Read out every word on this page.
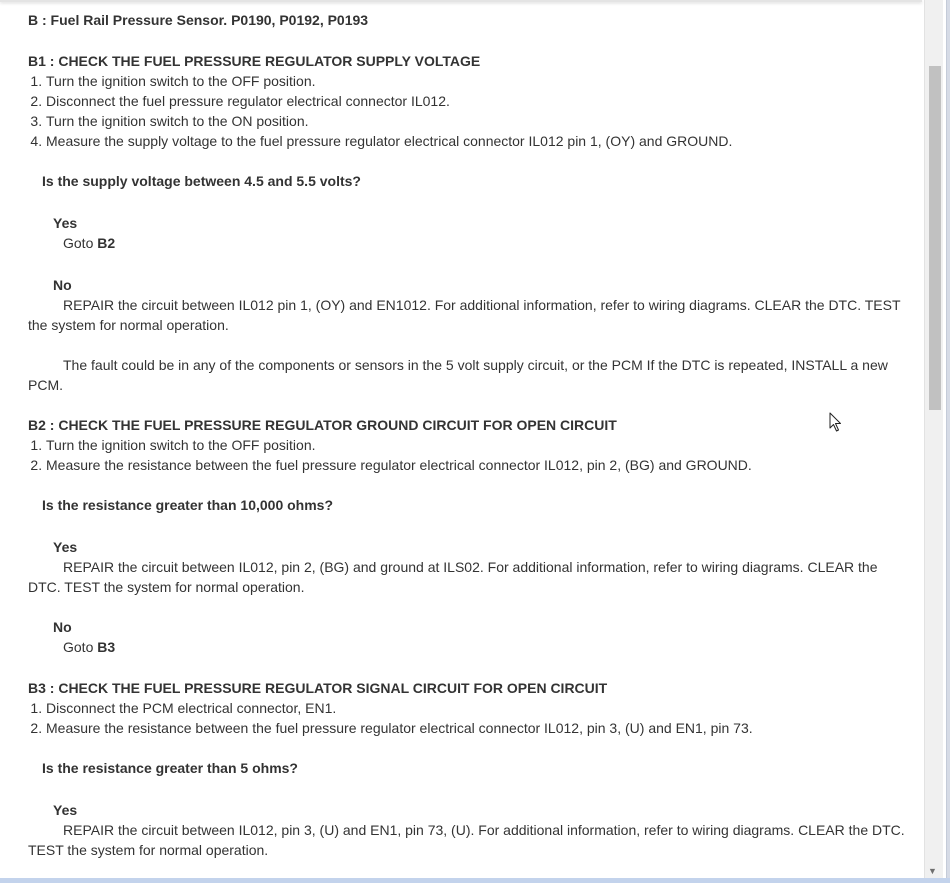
B : Fuel Rail Pressure Sensor. P0190, P0192, P0193
B1 : CHECK THE FUEL PRESSURE REGULATOR SUPPLY VOLTAGE
1. Turn the ignition switch to the OFF position.
2. Disconnect the fuel pressure regulator electrical connector IL012.
3. Turn the ignition switch to the ON position.
4. Measure the supply voltage to the fuel pressure regulator electrical connector IL012 pin 1, (OY) and GROUND.
Is the supply voltage between 4.5 and 5.5 volts?
Yes
Goto B2
No
REPAIR the circuit between IL012 pin 1, (OY) and EN1012. For additional information, refer to wiring diagrams. CLEAR the DTC. TEST the system for normal operation.
The fault could be in any of the components or sensors in the 5 volt supply circuit, or the PCM If the DTC is repeated, INSTALL a new PCM.
B2 : CHECK THE FUEL PRESSURE REGULATOR GROUND CIRCUIT FOR OPEN CIRCUIT
1. Turn the ignition switch to the OFF position.
2. Measure the resistance between the fuel pressure regulator electrical connector IL012, pin 2, (BG) and GROUND.
Is the resistance greater than 10,000 ohms?
Yes
REPAIR the circuit between IL012, pin 2, (BG) and ground at ILS02. For additional information, refer to wiring diagrams. CLEAR the DTC. TEST the system for normal operation.
No
Goto B3
B3 : CHECK THE FUEL PRESSURE REGULATOR SIGNAL CIRCUIT FOR OPEN CIRCUIT
1. Disconnect the PCM electrical connector, EN1.
2. Measure the resistance between the fuel pressure regulator electrical connector IL012, pin 3, (U) and EN1, pin 73.
Is the resistance greater than 5 ohms?
Yes
REPAIR the circuit between IL012, pin 3, (U) and EN1, pin 73, (U). For additional information, refer to wiring diagrams. CLEAR the DTC. TEST the system for normal operation.
▼
